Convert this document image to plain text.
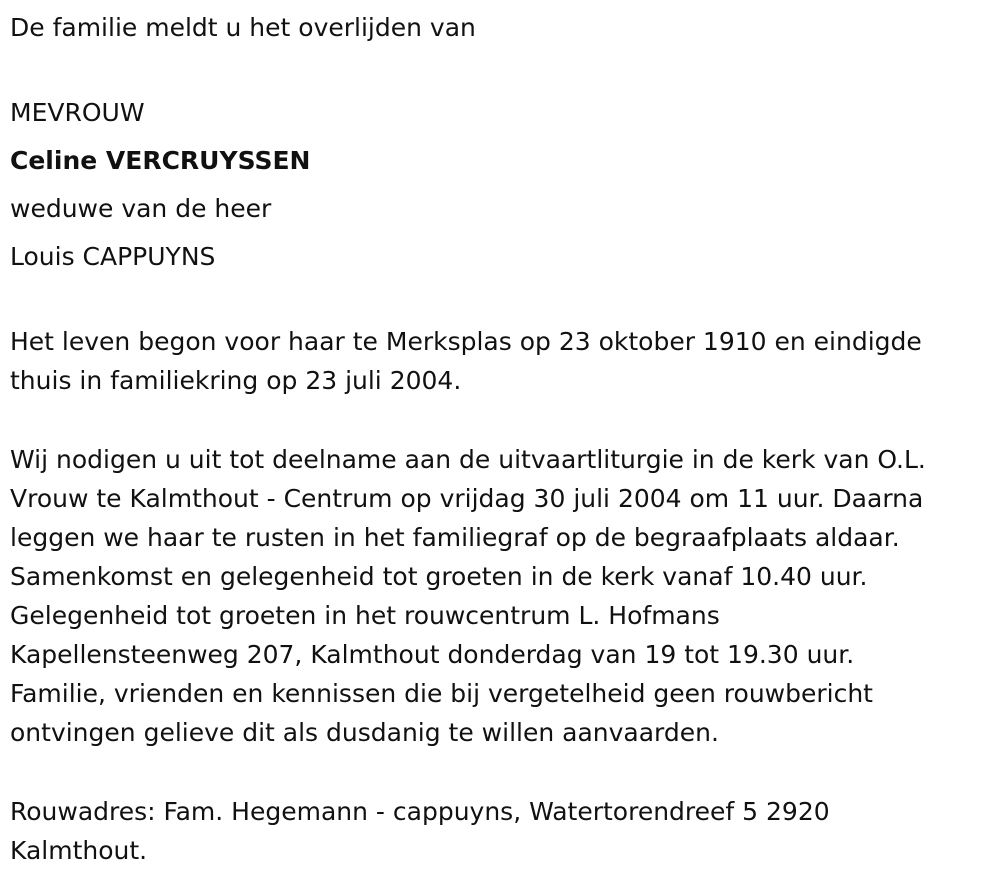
De familie meldt u het overlijden van

MEVROUW

Celine VERCRUYSSEN

weduwe van de heer

Louis CAPPUYNS

Het leven begon voor haar te Merksplas op 23 oktober 1910 en eindigde

thuis in familiekring op 23 juli 2004.

Wij nodigen u uit tot deelname aan de uitvaartliturgie in de kerk van O.L.

Vrouw te Kalmthout - Centrum op vrijdag 30 juli 2004 om 11 uur. Daarna

leggen we haar te rusten in het familiegraf op de begraafplaats aldaar.

Samenkomst en gelegenheid tot groeten in de kerk vanaf 10.40 uur.

Gelegenheid tot groeten in het rouwcentrum L. Hofmans

Kapellensteenweg 207, Kalmthout donderdag van 19 tot 19.30 uur.

Familie, vrienden en kennissen die bij vergetelheid geen rouwbericht

ontvingen gelieve dit als dusdanig te willen aanvaarden.

Rouwadres: Fam. Hegemann - cappuyns, Watertorendreef 5 2920

Kalmthout.
